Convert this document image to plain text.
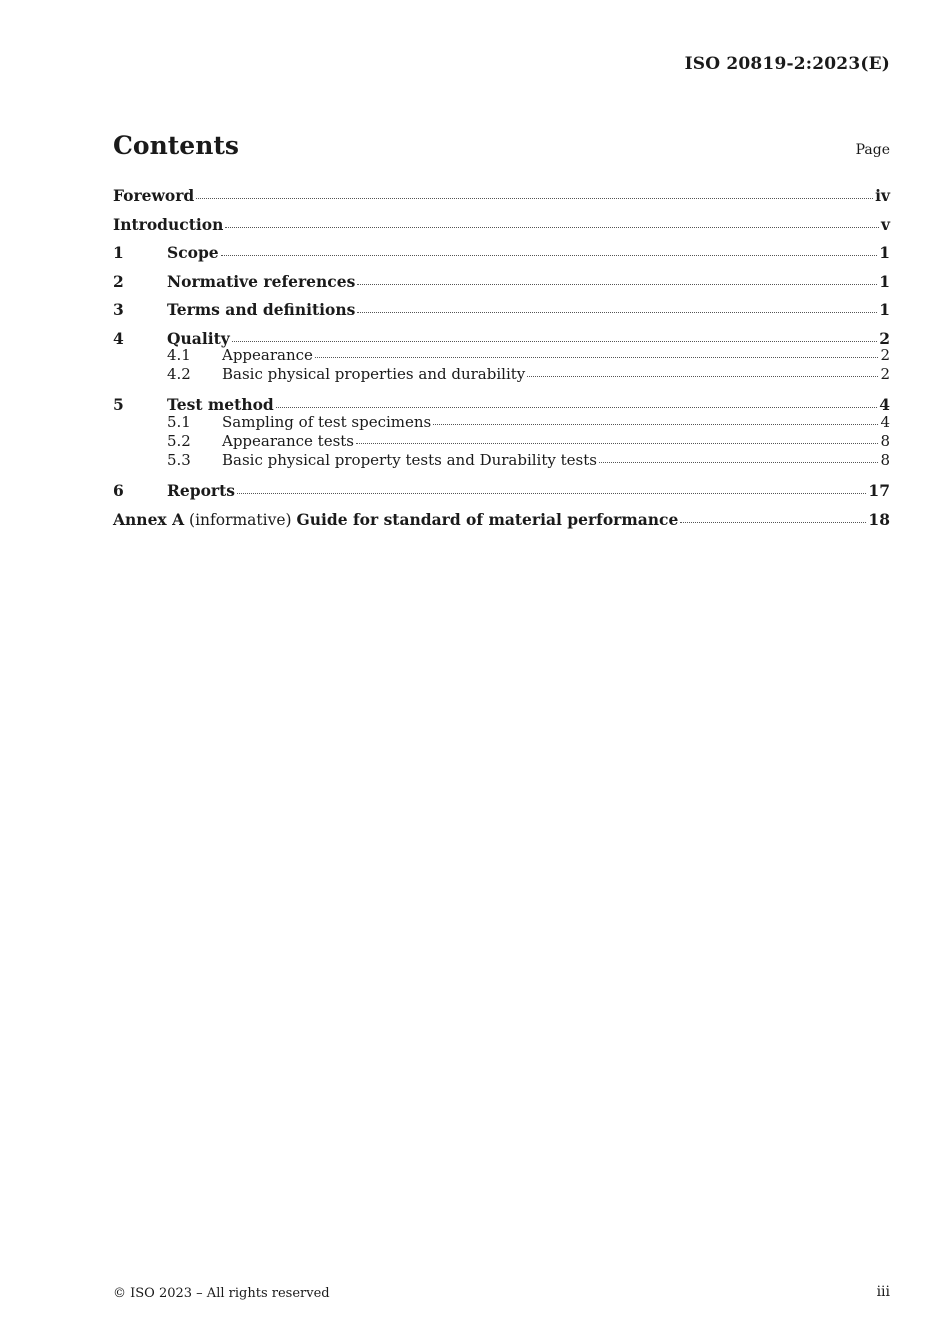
ISO 20819-2:2023(E)
Contents	Page
Foreword	iv
Introduction	v
1	Scope	1
2	Normative references	1
3	Terms and definitions	1
4	Quality	2
4.1	Appearance	2
4.2	Basic physical properties and durability	2
5	Test method	4
5.1	Sampling of test specimens	4
5.2	Appearance tests	8
5.3	Basic physical property tests and Durability tests	8
6	Reports	17
Annex A (informative) Guide for standard of material performance	18
© ISO 2023 – All rights reserved	iii
